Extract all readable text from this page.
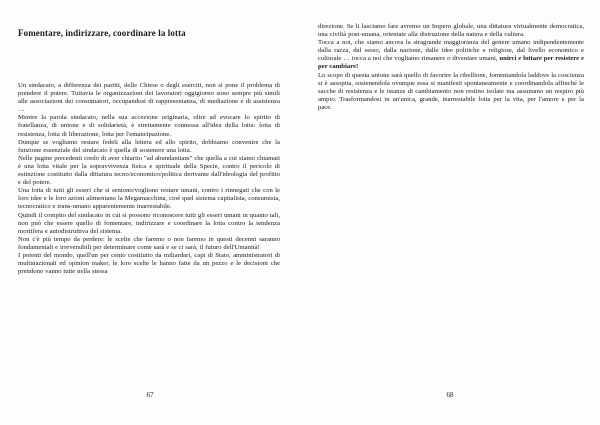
Fomentare, indirizzare, coordinare la lotta

Un sindacato, a differenza dei partiti, delle Chiese o degli eserciti, non si pone il problema di prendere il potere. Tuttavia le organizzazioni dei lavoratori oggigiorno sono sempre più simili alle associazioni dei consumatori, occupandosi di rappresentanza, di mediazione e di assistenza …

Mentre la parola sindacato, nella sua accezione originaria, oltre ad evocare lo spirito di fratellanza, di unione e di solidarietà, è strettamente connessa all'idea della lotta: lotta di resistenza, lotta di liberazione, lotta per l'emancipazione.

Dunque se vogliamo restare fedeli alla lettera ed allo spirito, dobbiamo convenire che la funzione essenziale del sindacato è quella di sostenere una lotta.

Nelle pagine precedenti credo di aver chiarito "ad abundantiam" che quella a cui siamo chiamati è una lotta vitale per la sopravvivenza fisica e spirituale della Specie, contro il pericolo di estinzione costituito dalla dittatura tecno/economico/politica derivante dall'ideologia del profitto e del potere.

Una lotta di tutti gli esseri che si sentono/vogliono restare umani, contro i rinnegati che con le loro idee e le loro azioni alimentano la Megamacchina, cioè quel sistema capitalista, consumista, tecnocratico e trans-umano apparentemente inarrestabile.

Quindi il compito del sindacato in cui si possono riconoscere tutti gli esseri umani in quanto tali, non può che essere quello di fomentare, indirizzare e coordinare la lotta contro la tendenza mortifera e autodistruttiva del sistema.

Non c'è più tempo da perdere: le scelte che faremo o non faremo in questi decenni saranno fondamentali e irreversibili per determinare come sarà e se ci sarà, il futuro dell'Umanità!

I potenti del mondo, quell'un per cento costituito da miliardari, capi di Stato, amministratori di multinazionali ed opinion maker, le loro scelte le hanno fatte da un pezzo e le decisioni che prendono vanno tutte nella stessa

67

direzione. Se li lasciamo fare avremo un Impero globale, una dittatura virtualmente democratica, una civiltà post-umana, orientate alla distruzione della natura e della cultura.

Tocca a noi, che siamo ancora la stragrande maggioranza del genere umano indipendentemente dalla razza, dal sesso, dalla nazione, dalle idee politiche e religiose, dal livello economico e culturale … tocca a noi che vogliamo rimanere o diventare umani, unirci e lottare per resistere e per cambiare!

Lo scopo di questa unione sarà quello di favorire la ribellione, fomentandola laddove la coscienza si è assopita, sostenendola ovunque essa si manifesti spontaneamente e coordinandola affinché le sacche di resistenza e le istanze di cambiamento non restino isolate ma assumano un respiro più ampio. Trasformandosi in un'unica, grande, inarrestabile lotta per la vita, per l'amore e per la pace.

68
